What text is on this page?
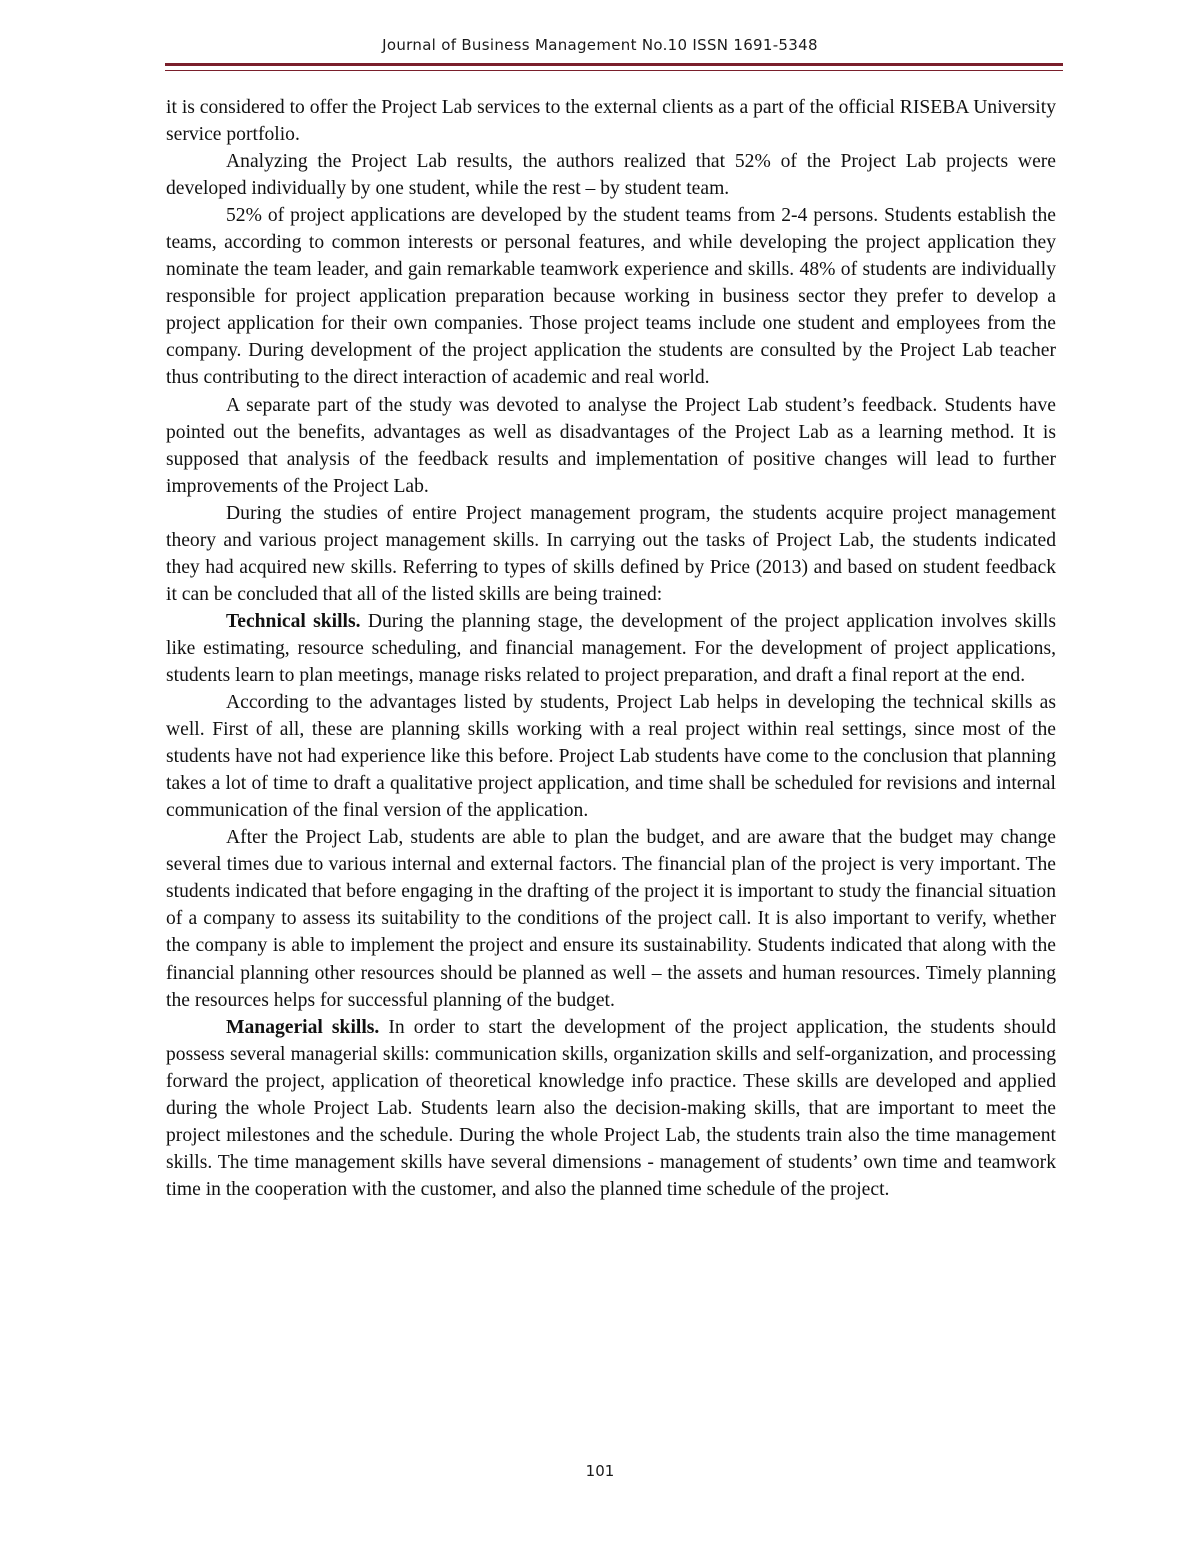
Journal of Business Management No.10 ISSN 1691-5348

it is considered to offer the Project Lab services to the external clients as a part of the official RISEBA University service portfolio.

Analyzing the Project Lab results, the authors realized that 52% of the Project Lab projects were developed individually by one student, while the rest – by student team.

52% of project applications are developed by the student teams from 2-4 persons. Students establish the teams, according to common interests or personal features, and while developing the project application they nominate the team leader, and gain remarkable teamwork experience and skills. 48% of students are individually responsible for project application preparation because working in business sector they prefer to develop a project application for their own companies. Those project teams include one student and employees from the company. During development of the project application the students are consulted by the Project Lab teacher thus contributing to the direct interaction of academic and real world.

A separate part of the study was devoted to analyse the Project Lab student’s feedback. Students have pointed out the benefits, advantages as well as disadvantages of the Project Lab as a learning method. It is supposed that analysis of the feedback results and implementation of positive changes will lead to further improvements of the Project Lab.

During the studies of entire Project management program, the students acquire project management theory and various project management skills. In carrying out the tasks of Project Lab, the students indicated they had acquired new skills. Referring to types of skills defined by Price (2013) and based on student feedback it can be concluded that all of the listed skills are being trained:

Technical skills. During the planning stage, the development of the project application involves skills like estimating, resource scheduling, and financial management. For the development of project applications, students learn to plan meetings, manage risks related to project preparation, and draft a final report at the end.

According to the advantages listed by students, Project Lab helps in developing the technical skills as well. First of all, these are planning skills working with a real project within real settings, since most of the students have not had experience like this before. Project Lab students have come to the conclusion that planning takes a lot of time to draft a qualitative project application, and time shall be scheduled for revisions and internal communication of the final version of the application.

After the Project Lab, students are able to plan the budget, and are aware that the budget may change several times due to various internal and external factors. The financial plan of the project is very important. The students indicated that before engaging in the drafting of the project it is important to study the financial situation of a company to assess its suitability to the conditions of the project call. It is also important to verify, whether the company is able to implement the project and ensure its sustainability. Students indicated that along with the financial planning other resources should be planned as well – the assets and human resources. Timely planning the resources helps for successful planning of the budget.

Managerial skills. In order to start the development of the project application, the students should possess several managerial skills: communication skills, organization skills and self-organization, and processing forward the project, application of theoretical knowledge info practice. These skills are developed and applied during the whole Project Lab. Students learn also the decision-making skills, that are important to meet the project milestones and the schedule. During the whole Project Lab, the students train also the time management skills. The time management skills have several dimensions - management of students’ own time and teamwork time in the cooperation with the customer, and also the planned time schedule of the project.

101
